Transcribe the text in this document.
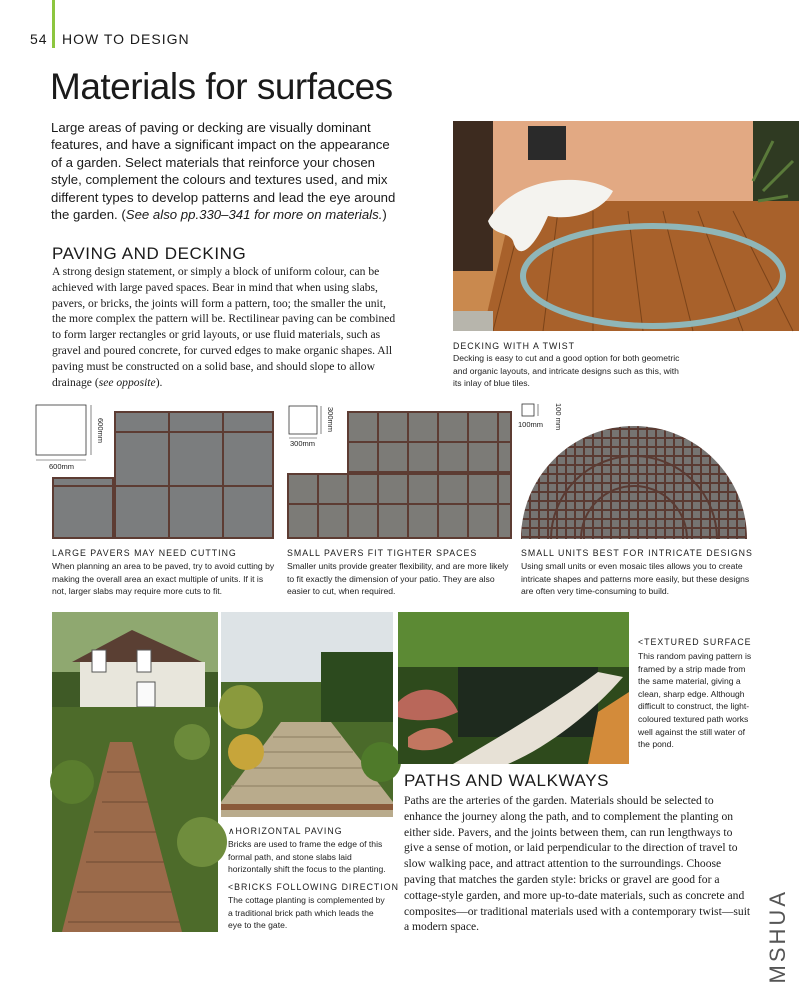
54 HOW TO DESIGN
Materials for surfaces
Large areas of paving or decking are visually dominant features, and have a significant impact on the appearance of a garden. Select materials that reinforce your chosen style, complement the colours and textures used, and mix different types to develop patterns and lead the eye around the garden. (See also pp.330–341 for more on materials.)
PAVING AND DECKING
A strong design statement, or simply a block of uniform colour, can be achieved with large paved spaces. Bear in mind that when using slabs, pavers, or bricks, the joints will form a pattern, too; the smaller the unit, the more complex the pattern will be. Rectilinear paving can be combined to form larger rectangles or grid layouts, or use fluid materials, such as gravel and poured concrete, for curved edges to make organic shapes. All paving must be constructed on a solid base, and should slope to allow drainage (see opposite).
DECKING WITH A TWIST
Decking is easy to cut and a good option for both geometric and organic layouts, and intricate designs such as this, with its inlay of blue tiles.
600mm
600mm
LARGE PAVERS MAY NEED CUTTING
When planning an area to be paved, try to avoid cutting by making the overall area an exact multiple of units. If it is not, larger slabs may require more cuts to fit.
300mm
300mm
SMALL PAVERS FIT TIGHTER SPACES
Smaller units provide greater flexibility, and are more likely to fit exactly the dimension of your patio. They are also easier to cut, when required.
100 mm
100mm
SMALL UNITS BEST FOR INTRICATE DESIGNS
Using small units or even mosaic tiles allows you to create intricate shapes and patterns more easily, but these designs are often very time-consuming to build.
∧HORIZONTAL PAVING
Bricks are used to frame the edge of this formal path, and stone slabs laid horizontally shift the focus to the planting.
<BRICKS FOLLOWING DIRECTION
The cottage planting is complemented by a traditional brick path which leads the eye to the gate.
<TEXTURED SURFACE
This random paving pattern is framed by a strip made from the same material, giving a clean, sharp edge. Although difficult to construct, the light-coloured textured path works well against the still water of the pond.
PATHS AND WALKWAYS
Paths are the arteries of the garden. Materials should be selected to enhance the journey along the path, and to complement the planting on either side. Pavers, and the joints between them, can run lengthways to give a sense of motion, or laid perpendicular to the direction of travel to slow walking pace, and attract attention to the surroundings. Choose paving that matches the garden style: bricks or gravel are good for a cottage-style garden, and more up-to-date materials, such as concrete and composites—or traditional materials used with a contemporary twist—suit a modern space.	MSHUA
